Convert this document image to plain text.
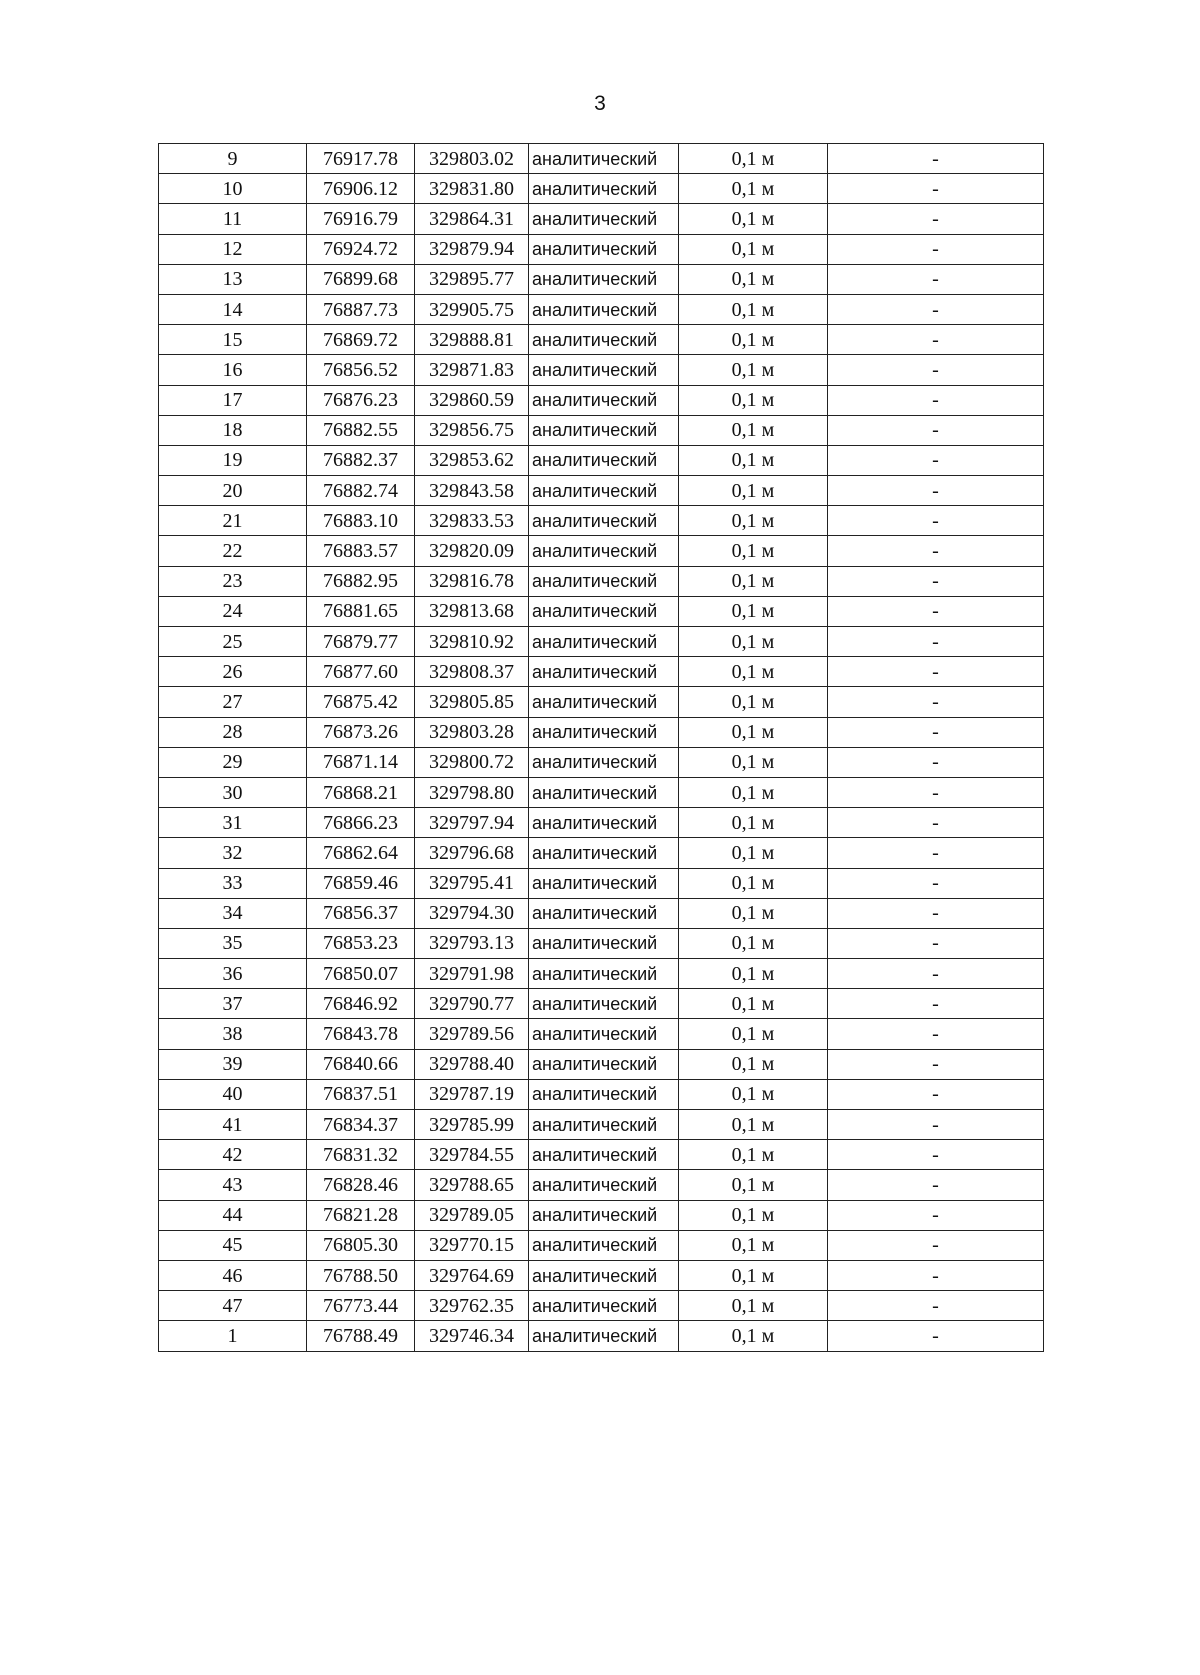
3
9	76917.78	329803.02	аналитический	0,1 м	-
10	76906.12	329831.80	аналитический	0,1 м	-
11	76916.79	329864.31	аналитический	0,1 м	-
12	76924.72	329879.94	аналитический	0,1 м	-
13	76899.68	329895.77	аналитический	0,1 м	-
14	76887.73	329905.75	аналитический	0,1 м	-
15	76869.72	329888.81	аналитический	0,1 м	-
16	76856.52	329871.83	аналитический	0,1 м	-
17	76876.23	329860.59	аналитический	0,1 м	-
18	76882.55	329856.75	аналитический	0,1 м	-
19	76882.37	329853.62	аналитический	0,1 м	-
20	76882.74	329843.58	аналитический	0,1 м	-
21	76883.10	329833.53	аналитический	0,1 м	-
22	76883.57	329820.09	аналитический	0,1 м	-
23	76882.95	329816.78	аналитический	0,1 м	-
24	76881.65	329813.68	аналитический	0,1 м	-
25	76879.77	329810.92	аналитический	0,1 м	-
26	76877.60	329808.37	аналитический	0,1 м	-
27	76875.42	329805.85	аналитический	0,1 м	-
28	76873.26	329803.28	аналитический	0,1 м	-
29	76871.14	329800.72	аналитический	0,1 м	-
30	76868.21	329798.80	аналитический	0,1 м	-
31	76866.23	329797.94	аналитический	0,1 м	-
32	76862.64	329796.68	аналитический	0,1 м	-
33	76859.46	329795.41	аналитический	0,1 м	-
34	76856.37	329794.30	аналитический	0,1 м	-
35	76853.23	329793.13	аналитический	0,1 м	-
36	76850.07	329791.98	аналитический	0,1 м	-
37	76846.92	329790.77	аналитический	0,1 м	-
38	76843.78	329789.56	аналитический	0,1 м	-
39	76840.66	329788.40	аналитический	0,1 м	-
40	76837.51	329787.19	аналитический	0,1 м	-
41	76834.37	329785.99	аналитический	0,1 м	-
42	76831.32	329784.55	аналитический	0,1 м	-
43	76828.46	329788.65	аналитический	0,1 м	-
44	76821.28	329789.05	аналитический	0,1 м	-
45	76805.30	329770.15	аналитический	0,1 м	-
46	76788.50	329764.69	аналитический	0,1 м	-
47	76773.44	329762.35	аналитический	0,1 м	-
1	76788.49	329746.34	аналитический	0,1 м	-
